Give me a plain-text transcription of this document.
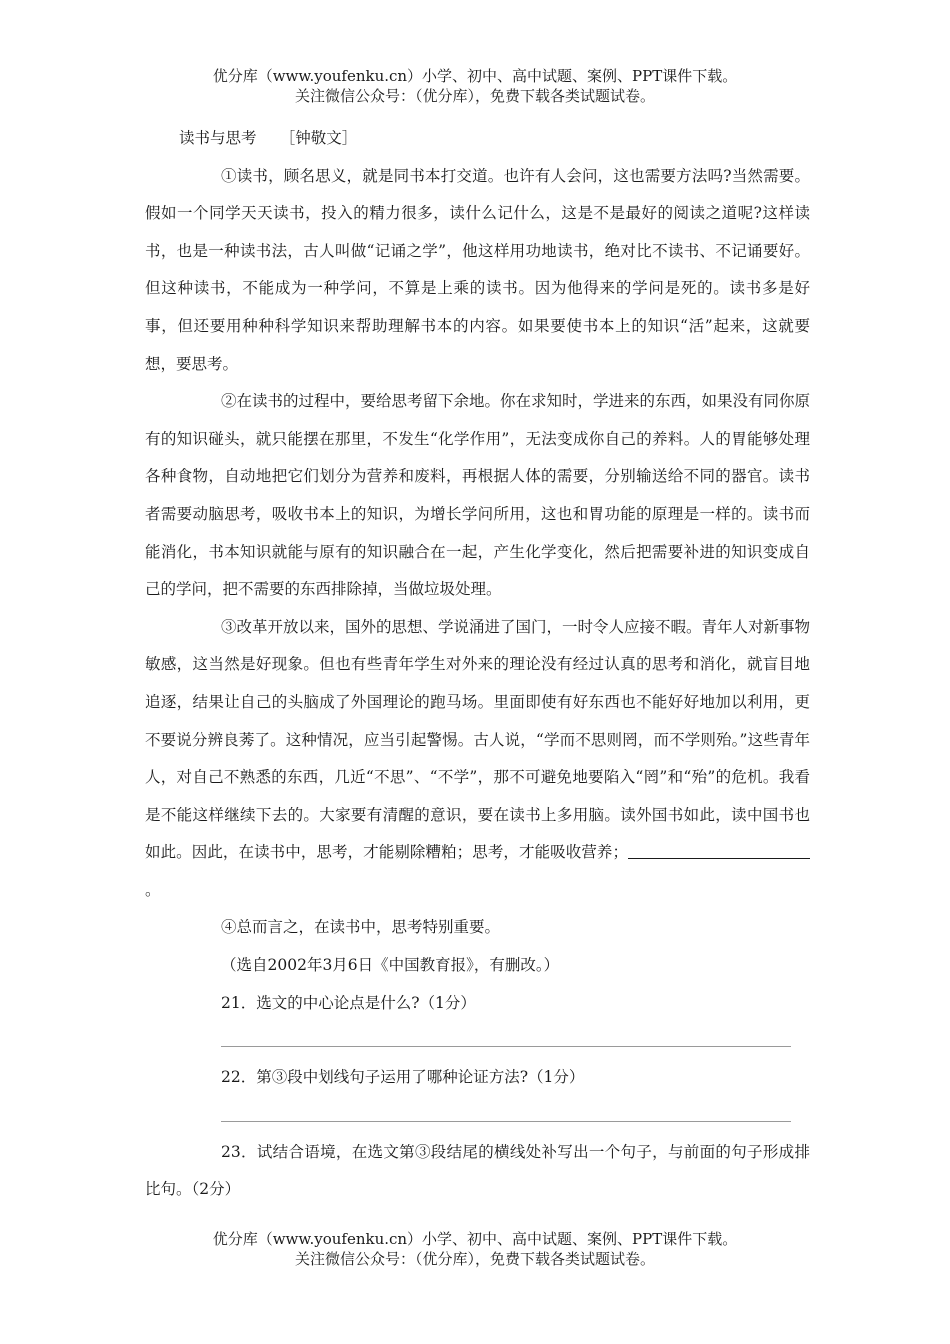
优分库（www.youfenku.cn）小学、初中、高中试题、案例、PPT课件下载。
关注微信公众号：（优分库），免费下载各类试题试卷。

读书与思考　　［钟敬文］

①读书，顾名思义，就是同书本打交道。也许有人会问，这也需要方法吗?当然需要。假如一个同学天天读书，投入的精力很多，读什么记什么，这是不是最好的阅读之道呢?这样读书，也是一种读书法，古人叫做“记诵之学”，他这样用功地读书，绝对比不读书、不记诵要好。但这种读书，不能成为一种学问，不算是上乘的读书。因为他得来的学问是死的。读书多是好事，但还要用种种科学知识来帮助理解书本的内容。如果要使书本上的知识“活”起来，这就要想，要思考。

②在读书的过程中，要给思考留下余地。你在求知时，学进来的东西，如果没有同你原有的知识碰头，就只能摆在那里，不发生“化学作用”，无法变成你自己的养料。人的胃能够处理各种食物，自动地把它们划分为营养和废料，再根据人体的需要，分别输送给不同的器官。读书者需要动脑思考，吸收书本上的知识，为增长学问所用，这也和胃功能的原理是一样的。读书而能消化，书本知识就能与原有的知识融合在一起，产生化学变化，然后把需要补进的知识变成自己的学问，把不需要的东西排除掉，当做垃圾处理。

③改革开放以来，国外的思想、学说涌进了国门，一时令人应接不暇。青年人对新事物敏感，这当然是好现象。但也有些青年学生对外来的理论没有经过认真的思考和消化，就盲目地追逐，结果让自己的头脑成了外国理论的跑马场。里面即使有好东西也不能好好地加以利用，更不要说分辨良莠了。这种情况，应当引起警惕。古人说，“学而不思则罔，而不学则殆。”这些青年人，对自己不熟悉的东西，几近“不思”、“不学”，那不可避免地要陷入“罔”和“殆”的危机。我看是不能这样继续下去的。大家要有清醒的意识，要在读书上多用脑。读外国书如此，读中国书也如此。因此，在读书中，思考，才能剔除糟粕；思考，才能吸收营养；。

④总而言之，在读书中，思考特别重要。

（选自2002年3月6日《中国教育报》，有删改。）

21．选文的中心论点是什么?（1分）

22．第③段中划线句子运用了哪种论证方法?（1分）

23．试结合语境，在选文第③段结尾的横线处补写出一个句子，与前面的句子形成排比句。（2分）

优分库（www.youfenku.cn）小学、初中、高中试题、案例、PPT课件下载。
关注微信公众号：（优分库），免费下载各类试题试卷。
